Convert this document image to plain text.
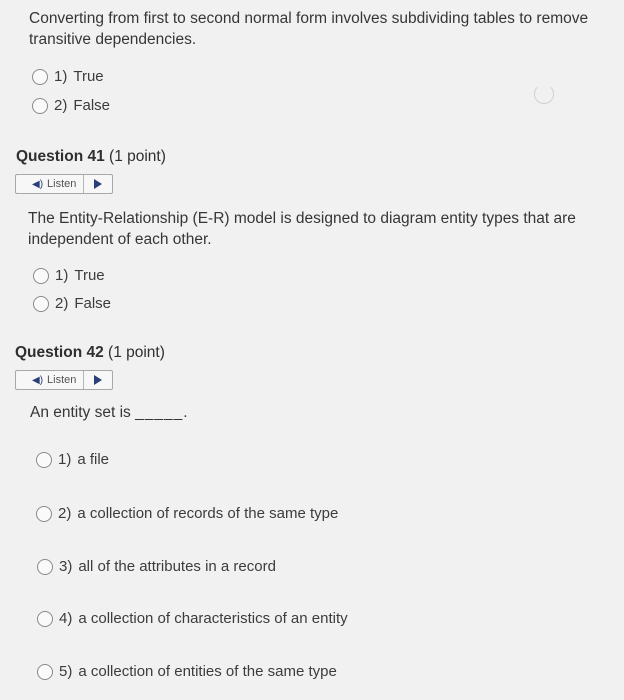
Converting from first to second normal form involves subdividing tables to remove transitive dependencies.

1) True
2) False
Question 41 (1 point)
◀) Listen

The Entity-Relationship (E-R) model is designed to diagram entity types that are independent of each other.

1) True
2) False
Question 42 (1 point)
◀) Listen

An entity set is _____.

1) a file
2) a collection of records of the same type
3) all of the attributes in a record
4) a collection of characteristics of an entity
5) a collection of entities of the same type
